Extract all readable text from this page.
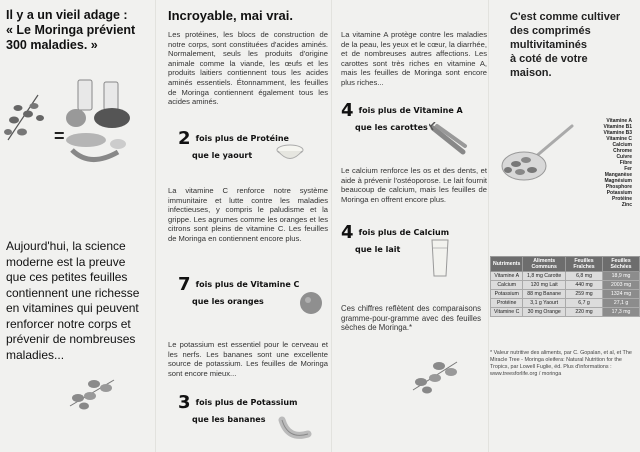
Il y a un vieil adage :
« Le Moringa prévient
300 maladies. »
=
Aujourd'hui, la science moderne est la preuve que ces petites feuilles contiennent une richesse en vitamines qui peuvent renforcer notre corps et prévenir de nombreuses maladies...
Incroyable, mai vrai.
Les protéines, les blocs de construction de notre corps, sont constituées d'acides aminés. Normalement, seuls les produits d'origine animale comme la viande, les œufs et les produits laitiers contiennent tous les acides aminés essentiels. Étonnamment, les feuilles de Moringa contiennent également tous les acides aminés.
2 fois plus de Protéine
que le yaourt
La vitamine C renforce notre système immunitaire et lutte contre les maladies infectieuses, y compris le paludisme et la grippe. Les agrumes comme les oranges et les citrons sont pleins de vitamine C. Les feuilles de Moringa en contiennent encore plus.
7 fois plus de Vitamine C
que les oranges
Le potassium est essentiel pour le cerveau et les nerfs. Les bananes sont une excellente source de potassium. Les feuilles de Moringa sont encore mieux...
3 fois plus de Potassium
que les bananes
La vitamine A protège contre les maladies de la peau, les yeux et le cœur, la diarrhée, et de nombreuses autres affections. Les carottes sont très riches en vitamine A, mais les feuilles de Moringa sont encore plus riches...
4 fois plus de Vitamine A
que les carottes
Le calcium renforce les os et des dents, et aide à prévenir l'ostéoporose. Le lait fournit beaucoup de calcium, mais les feuilles de Moringa en offrent encore plus.
4 fois plus de Calcium
que le lait
Ces chiffres reflètent des comparaisons gramme-pour-gramme avec des feuilles sèches de Moringa.*
C'est comme cultiver
des comprimés
multivitaminés
à coté de votre maison.
Vitamine A
Vitamine B1
Vitamine B3
Vitamine C
Calcium
Chrome
Cuivre
Fibre
Fer
Manganèse
Magnésium
Phosphore
Potassium
Protéine
Zinc
Nutriments	Aliments Communs	Feuilles Fraîches	Feuilles Séchées
Vitamine A	1,8 mg Carotte	6,8 mg	18,9 mg
Calcium	120 mg Lait	440 mg	2003 mg
Potassium	88 mg Banane	259 mg	1324 mg
Protéine	3,1 g Yaourt	6,7 g	27,1 g
Vitamine C	30 mg Orange	220 mg	17,3 mg
* Valeur nutritive des aliments, par C. Gopalan, et al, et The Miracle Tree - Moringa oleifera: Natural Nutrition for the Tropics, par Lowell Fuglie, éd. Plus d'informations : www.treesforlife.org / moringa
